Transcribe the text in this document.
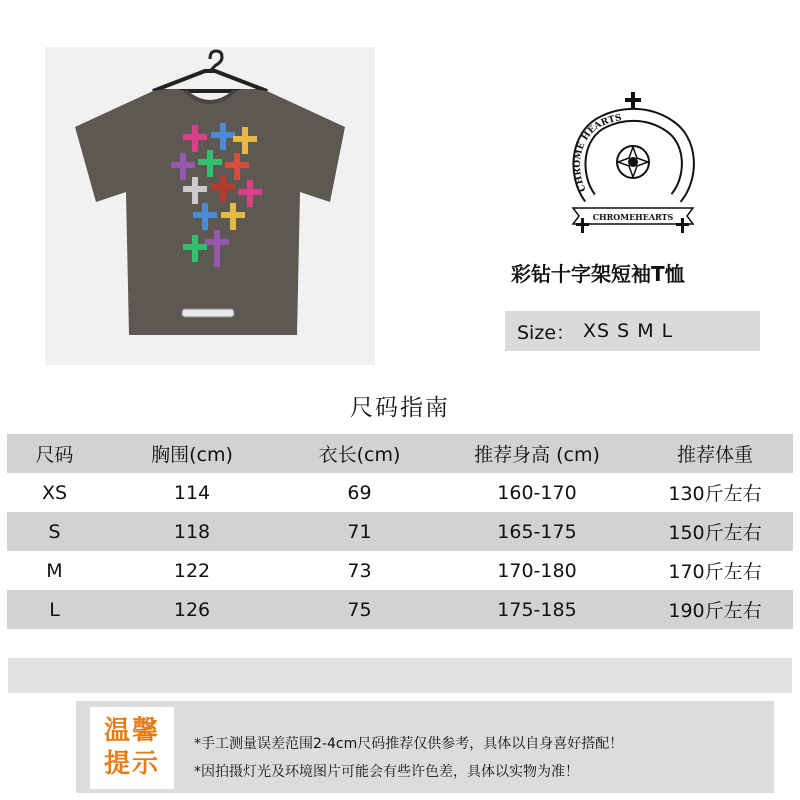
CHROME HEARTS
CHROMEHEARTS
彩钻十字架短袖T恤
Size： XS S M L
尺码指南
尺码	胸围(cm)	衣长(cm)	推荐身高 (cm)	推荐体重
XS	114	69	160-170	130斤左右
S	118	71	165-175	150斤左右
M	122	73	170-180	170斤左右
L	126	75	175-185	190斤左右
温馨
提示
*手工测量误差范围2-4cm尺码推荐仅供参考，具体以自身喜好搭配！
*因拍摄灯光及环境图片可能会有些许色差，具体以实物为准！
